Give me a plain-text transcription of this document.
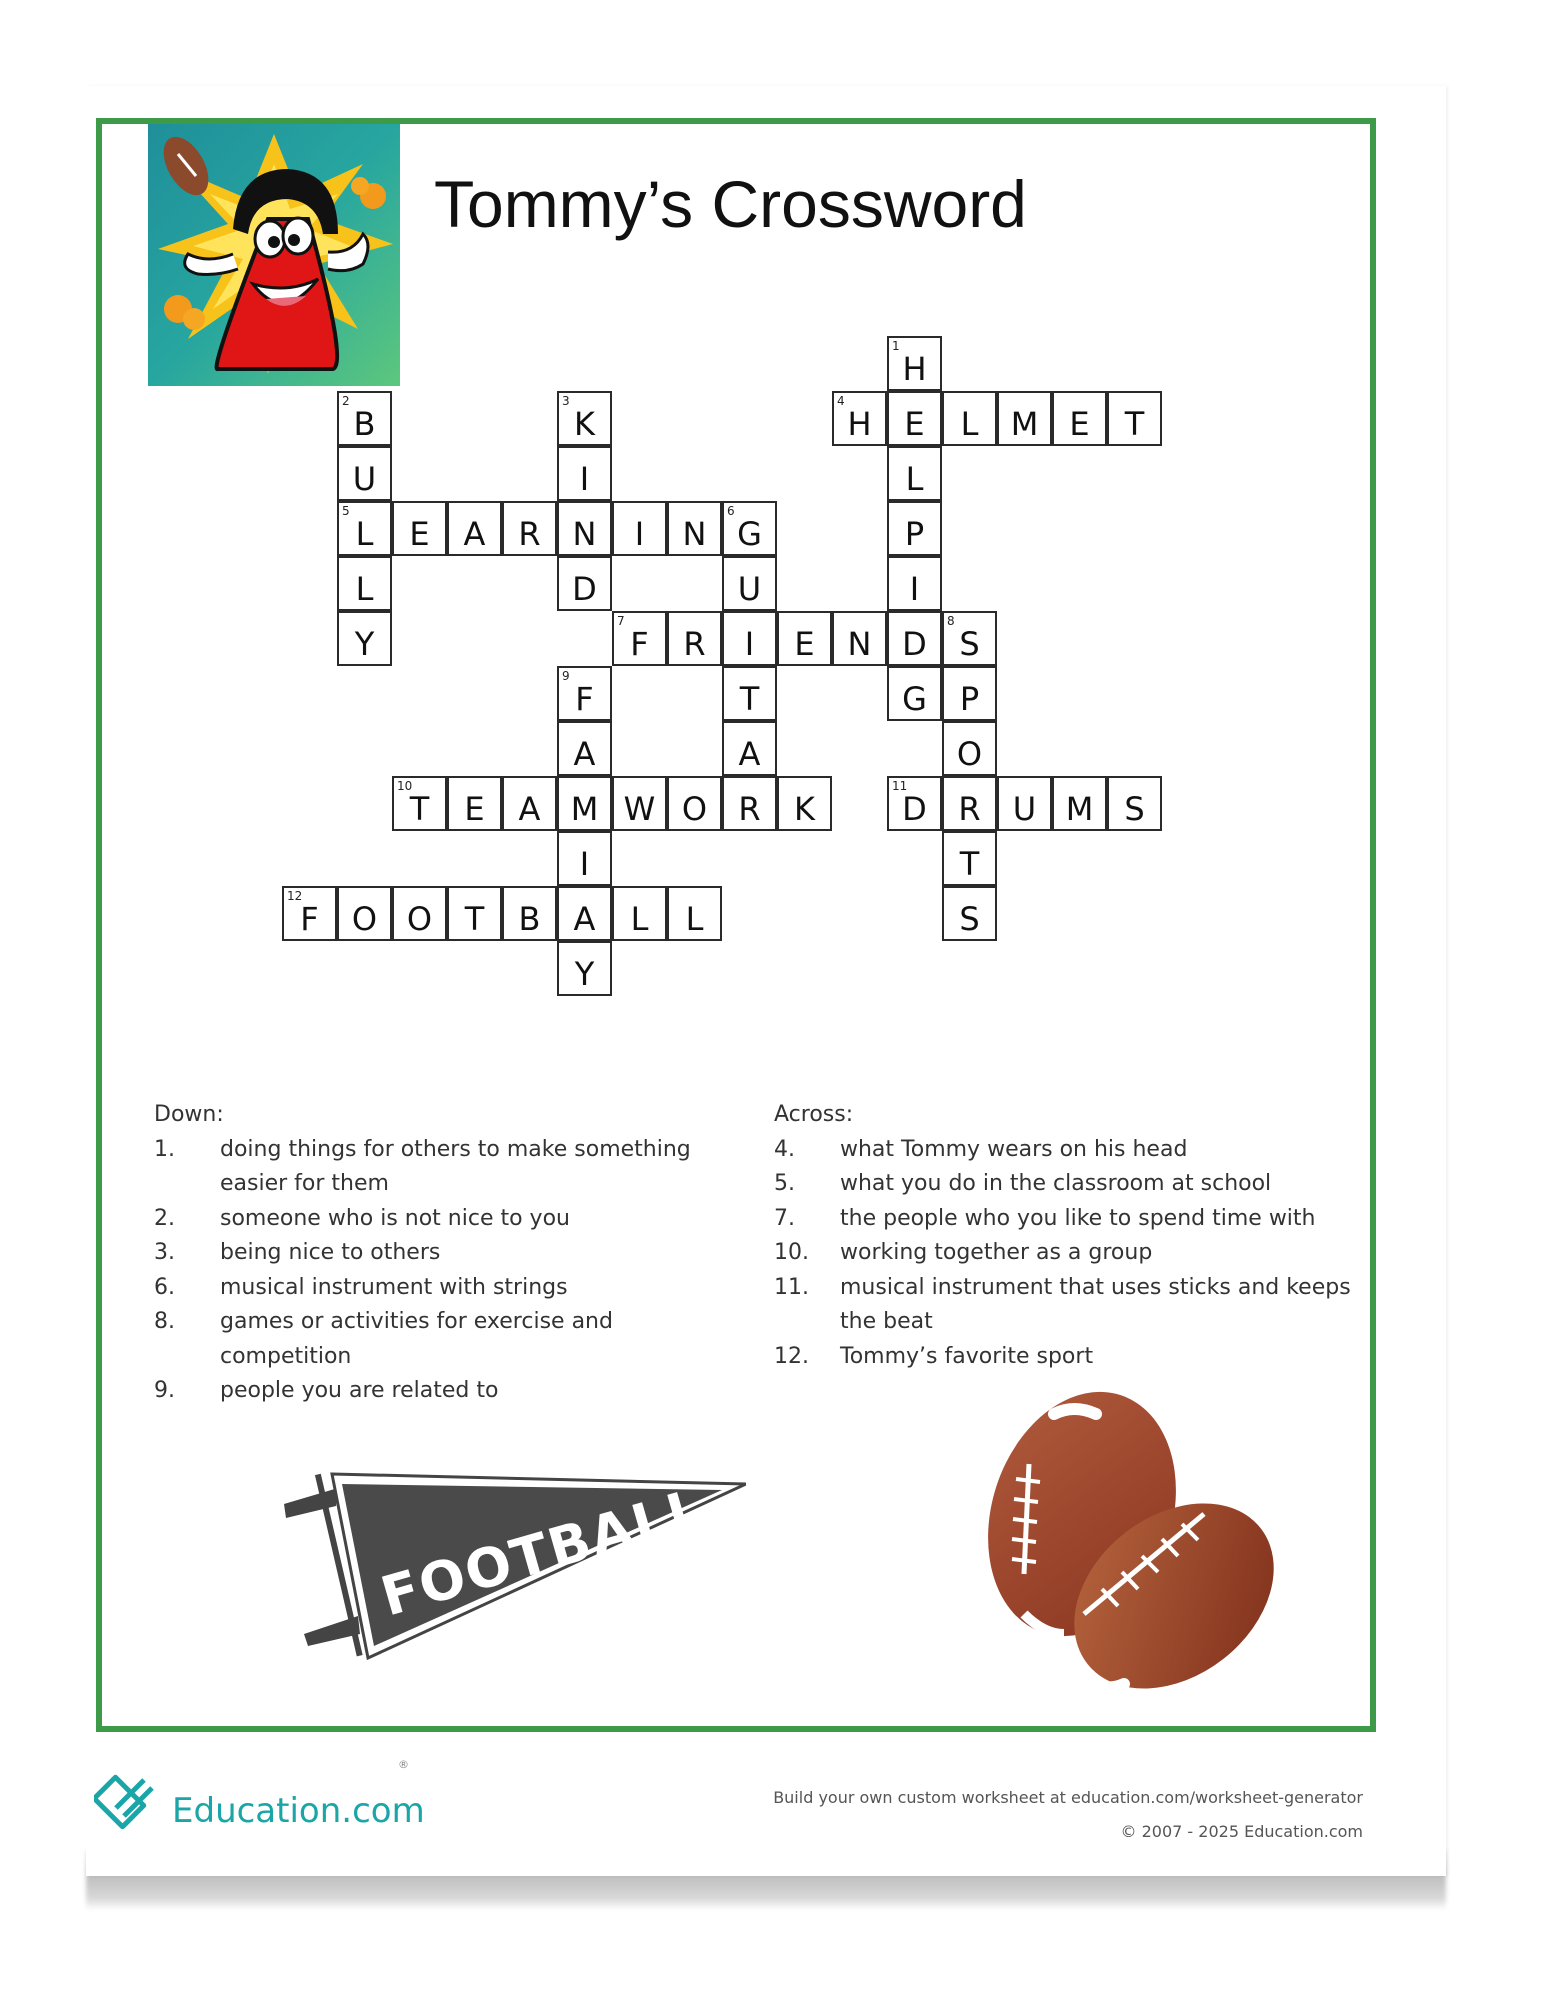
Tommy’s Crossword
1
H
2
B
3
K
4
H	E	L	M E	T
U	I	L
5
L	E	A	R N	I	N
6
G	P
L	D	U	I
Y
7
F	R	I	E	N D
8
S
9
F	T	G	P
A	A	O
10
T	E	A M W O R	K
11
D R	U M S
I	T
12
F	O O	T	B	A	L	L	S
Y
Down:
1.	doing things for others to make something easier for them
2.	someone who is not nice to you
3.	being nice to others
6.	musical instrument with strings
8.	games or activities for exercise and competition
9.	people you are related to
Across:
4.	what Tommy wears on his head
5.	what you do in the classroom at school
7.	the people who you like to spend time with
10.	working together as a group
11.	musical instrument that uses sticks and keeps the beat
12.	Tommy’s favorite sport
FOOTBALL
Education.com
®
Build your own custom worksheet at education.com/worksheet-generator
© 2007 - 2025 Education.com
